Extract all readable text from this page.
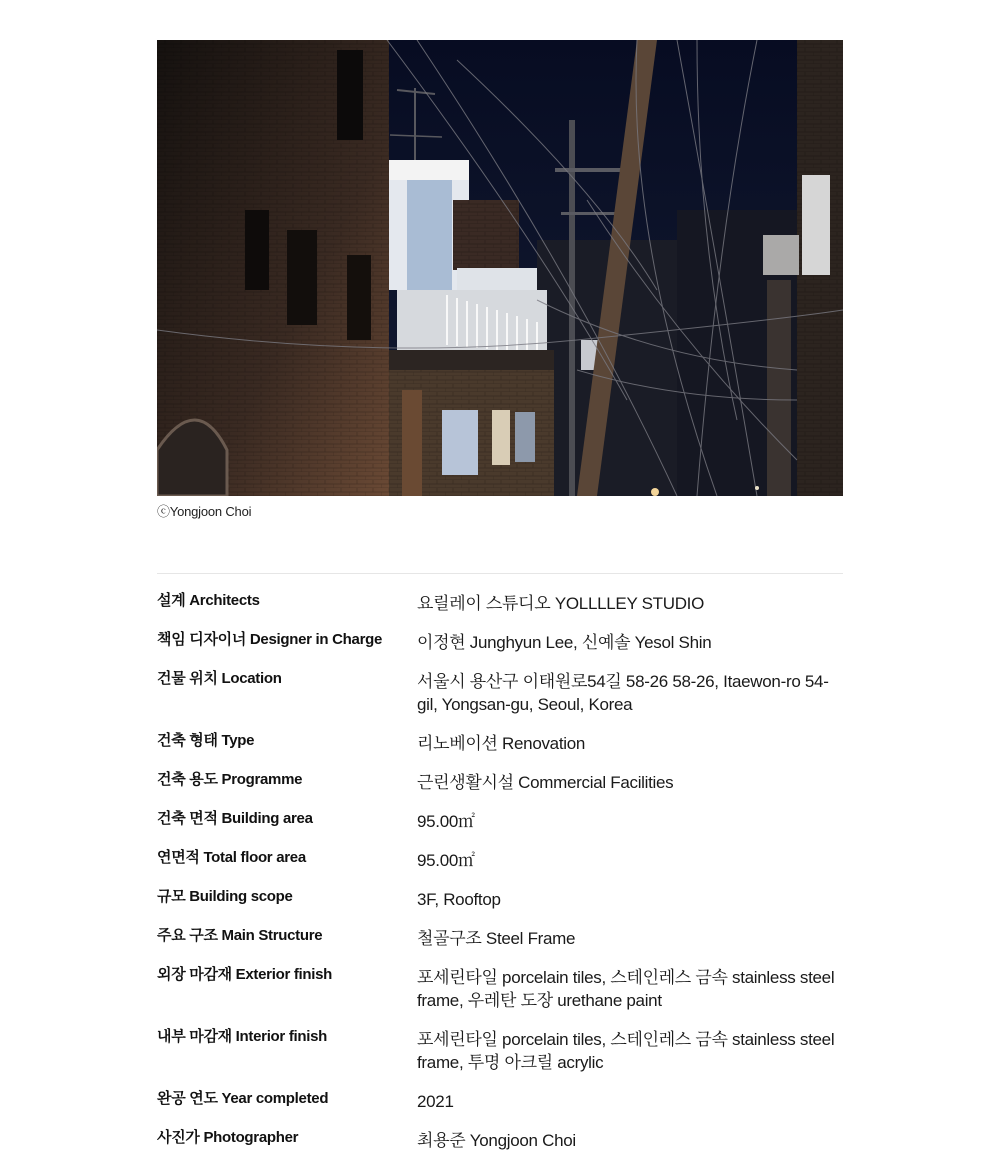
ⓒYongjoon Choi
설계 Architects	요릴레이 스튜디오 YOLLLLEY STUDIO
책임 디자이너 Designer in Charge	이정현 Junghyun Lee, 신예솔 Yesol Shin
건물 위치 Location	서울시 용산구 이태원로54길 58-26 58-26, Itaewon-ro 54-gil, Yongsan-gu, Seoul, Korea
건축 형태 Type	리노베이션 Renovation
건축 용도 Programme	근린생활시설 Commercial Facilities
건축 면적 Building area	95.00㎡
연면적 Total floor area	95.00㎡
규모 Building scope	3F, Rooftop
주요 구조 Main Structure	철골구조 Steel Frame
외장 마감재 Exterior finish	포세린타일 porcelain tiles, 스테인레스 금속 stainless steel frame, 우레탄 도장 urethane paint
내부 마감재 Interior finish	포세린타일 porcelain tiles, 스테인레스 금속 stainless steel frame, 투명 아크릴 acrylic
완공 연도 Year completed	2021
사진가 Photographer	최용준 Yongjoon Choi
